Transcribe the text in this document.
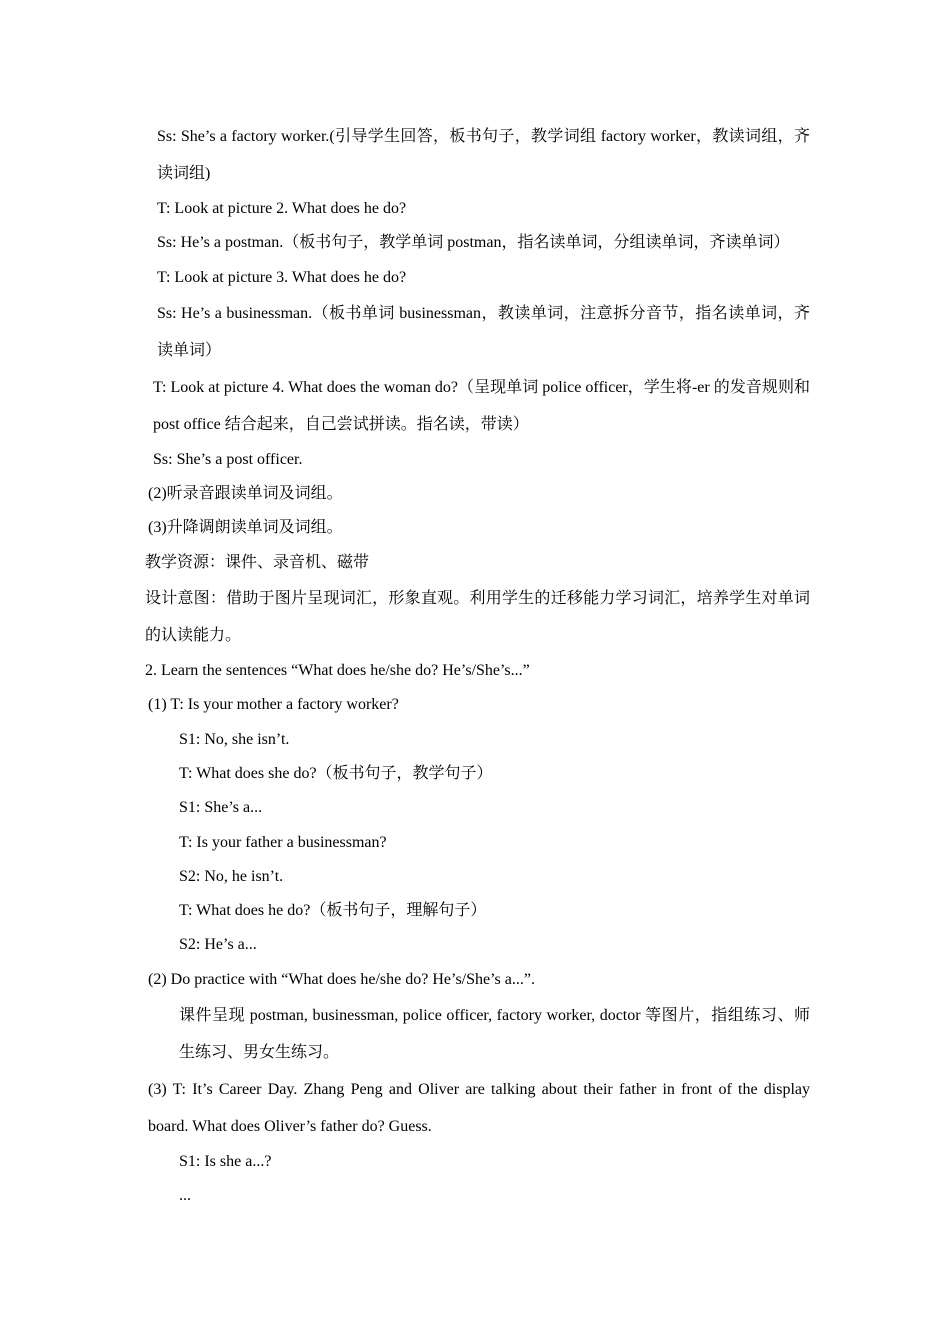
Ss: She’s a factory worker.(引导学生回答，板书句子，教学词组 factory worker，教读词组，齐读词组)
T: Look at picture 2. What does he do?
Ss: He’s a postman.（板书句子，教学单词 postman，指名读单词，分组读单词，齐读单词）
T: Look at picture 3. What does he do?
Ss: He’s a businessman.（板书单词 businessman，教读单词，注意拆分音节，指名读单词，齐读单词）
T: Look at picture 4. What does the woman do?（呈现单词 police officer，学生将-er 的发音规则和 post office 结合起来，自己尝试拼读。指名读，带读）
Ss: She’s a post officer.
(2)听录音跟读单词及词组。
(3)升降调朗读单词及词组。
教学资源：课件、录音机、磁带
设计意图：借助于图片呈现词汇，形象直观。利用学生的迁移能力学习词汇，培养学生对单词的认读能力。
2. Learn the sentences “What does he/she do? He’s/She’s...”
(1) T: Is your mother a factory worker?
S1: No, she isn’t.
T: What does she do?（板书句子，教学句子）
S1: She’s a...
T: Is your father a businessman?
S2: No, he isn’t.
T: What does he do?（板书句子，理解句子）
S2: He’s a...
(2) Do practice with “What does he/she do? He’s/She’s a...”.
课件呈现 postman, businessman, police officer, factory worker, doctor 等图片，指组练习、师生练习、男女生练习。
(3) T: It’s Career Day. Zhang Peng and Oliver are talking about their father in front of the display board. What does Oliver’s father do? Guess.
S1: Is she a...?
...
